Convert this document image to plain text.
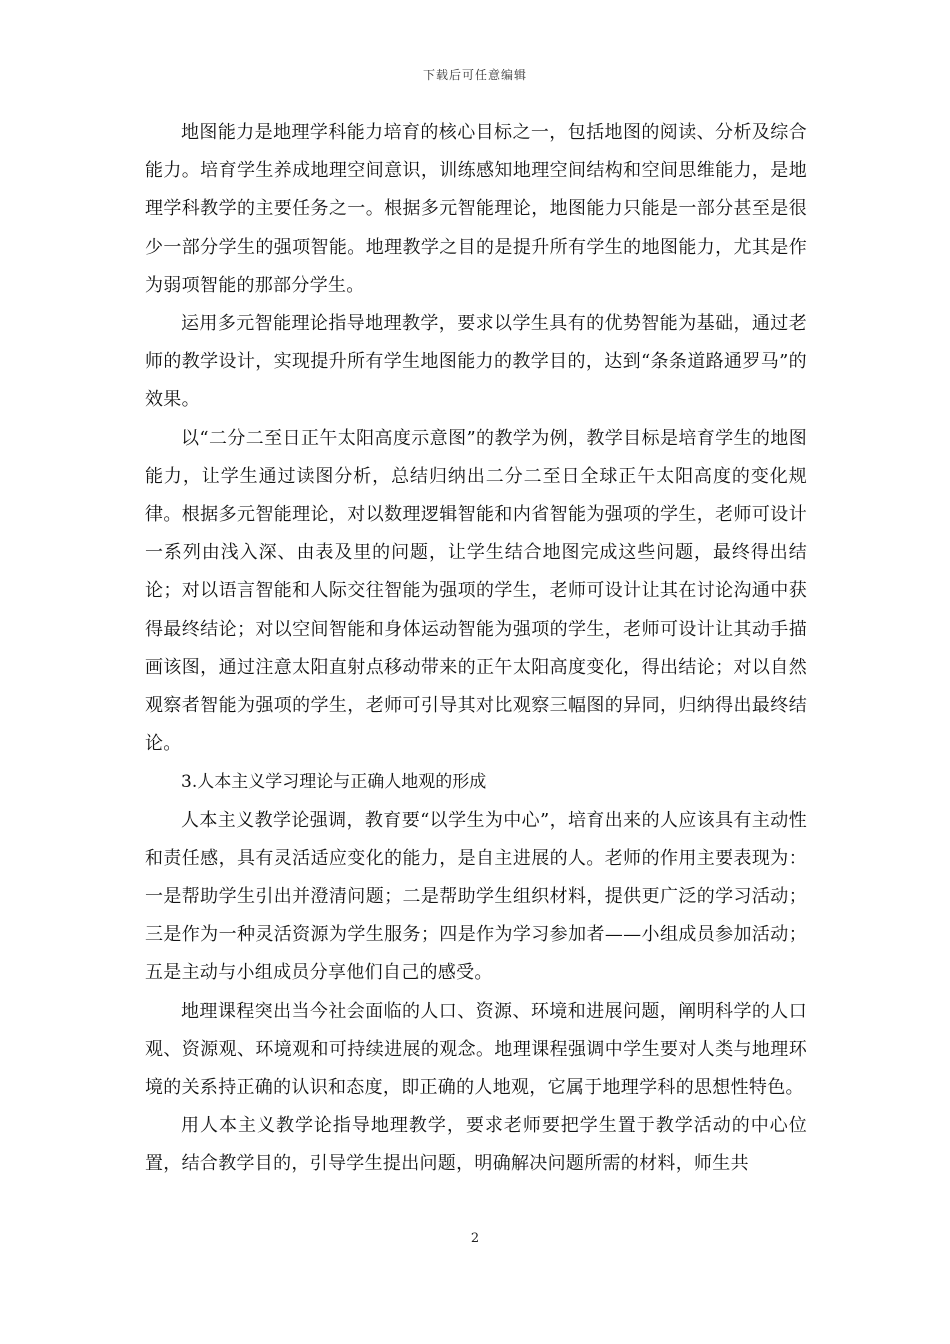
下载后可任意编辑

地图能力是地理学科能力培育的核心目标之一，包括地图的阅读、分析及综合能力。培育学生养成地理空间意识，训练感知地理空间结构和空间思维能力，是地理学科教学的主要任务之一。根据多元智能理论，地图能力只能是一部分甚至是很少一部分学生的强项智能。地理教学之目的是提升所有学生的地图能力，尤其是作为弱项智能的那部分学生。

运用多元智能理论指导地理教学，要求以学生具有的优势智能为基础，通过老师的教学设计，实现提升所有学生地图能力的教学目的，达到“条条道路通罗马”的效果。

以“二分二至日正午太阳高度示意图”的教学为例，教学目标是培育学生的地图能力，让学生通过读图分析，总结归纳出二分二至日全球正午太阳高度的变化规律。根据多元智能理论，对以数理逻辑智能和内省智能为强项的学生，老师可设计一系列由浅入深、由表及里的问题，让学生结合地图完成这些问题，最终得出结论；对以语言智能和人际交往智能为强项的学生，老师可设计让其在讨论沟通中获得最终结论；对以空间智能和身体运动智能为强项的学生，老师可设计让其动手描画该图，通过注意太阳直射点移动带来的正午太阳高度变化，得出结论；对以自然观察者智能为强项的学生，老师可引导其对比观察三幅图的异同，归纳得出最终结论。

3.人本主义学习理论与正确人地观的形成

人本主义教学论强调，教育要“以学生为中心”，培育出来的人应该具有主动性和责任感，具有灵活适应变化的能力，是自主进展的人。老师的作用主要表现为：一是帮助学生引出并澄清问题；二是帮助学生组织材料，提供更广泛的学习活动；三是作为一种灵活资源为学生服务；四是作为学习参加者——小组成员参加活动；五是主动与小组成员分享他们自己的感受。

地理课程突出当今社会面临的人口、资源、环境和进展问题，阐明科学的人口观、资源观、环境观和可持续进展的观念。地理课程强调中学生要对人类与地理环境的关系持正确的认识和态度，即正确的人地观，它属于地理学科的思想性特色。

用人本主义教学论指导地理教学，要求老师要把学生置于教学活动的中心位置，结合教学目的，引导学生提出问题，明确解决问题所需的材料，师生共

2
